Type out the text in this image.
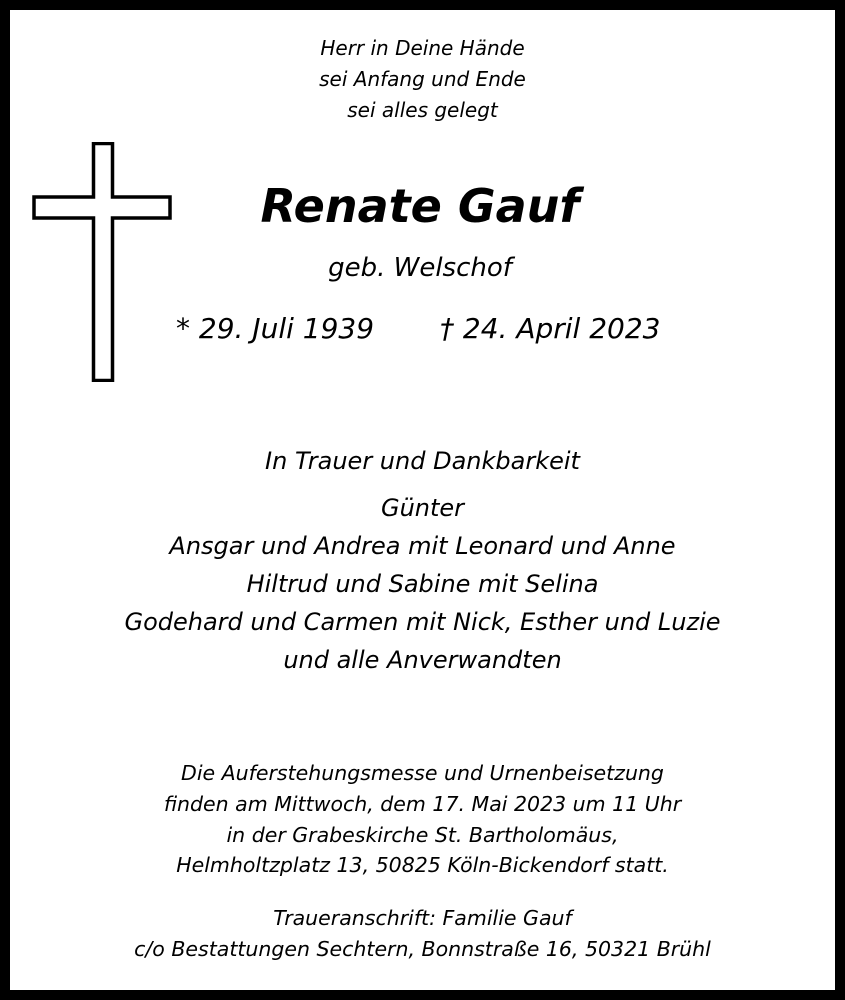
Herr in Deine Hände
sei Anfang und Ende
sei alles gelegt
Renate Gauf
geb. Welschof
* 29. Juli 1939 † 24. April 2023
In Trauer und Dankbarkeit
Günter
Ansgar und Andrea mit Leonard und Anne
Hiltrud und Sabine mit Selina
Godehard und Carmen mit Nick, Esther und Luzie
und alle Anverwandten
Die Auferstehungsmesse und Urnenbeisetzung
finden am Mittwoch, dem 17. Mai 2023 um 11 Uhr
in der Grabeskirche St. Bartholomäus,
Helmholtzplatz 13, 50825 Köln-Bickendorf statt.
Traueranschrift: Familie Gauf
c/o Bestattungen Sechtern, Bonnstraße 16, 50321 Brühl
